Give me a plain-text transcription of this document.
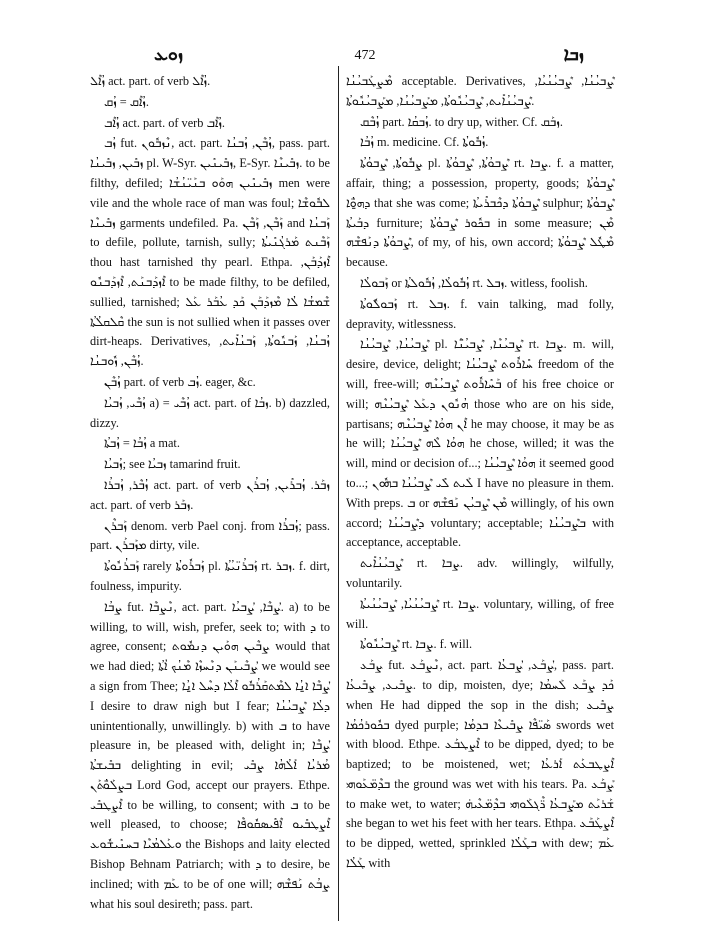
ܙܘܥ	472	ܙܒܐ

ܙܳܐܶܠ act. part. of verb ܙܳܐܶܠ.

ܙܳܐܶܩ = ܙܳܩ.

ܙܳܐܶܒ act. part. of verb ܙܳܐܶܒ.

ܙܳܒ fut. ܢܶܙܒܽܘܢ, act. part. ܙܳܒܶܢ, ܙܳܒܢܳܐ, pass. part. ܙܒܺܝܢ, ܙܒܺܝܢܳܐ pl. W-Syr. ܙܒܺܝܢܺܝܢ, E-Syr. ܙܒܺܝܢܶܐ. to be filthy, defiled; ܙܒܺܝܢܺܝܢ ܗܘܰܘ ܒܢܰܝ̈ܢܳܫܳܐ men were vile and the whole race of man was foul; ܠܒܽܘܫܶܐ ܙܒܺܝܢܶܐ garments undefiled. Pa. ܙܰܒܶܢ, ܙܰܒܶܢ and ܙܰܒܢܳܐ to defile, pollute, tarnish, sully; ܙܰܒܶܢܬ ܡܰܪܓܳܢܺܝܬܳܐ thou hast tarnished thy pearl. Ethpa. ܐܶܙܕܰܒܰܢ, ܐܶܙܕܰܒܢܰܬ, ܐܶܙܕܰܒܢܽܘ to be made filthy, to be defiled, sullied, tarnished; ܫܶܡܫܳܐ ܠܳܐ ܡܶܙܕܰܒܰܢ ܟܰܕ ܥܳܒܰܪ ܥܰܠ ܩܶܠܩܠܳܬܳܐ the sun is not sullied when it passes over dirt-heaps. Derivatives, ܙܳܒܢܳܐ, ܙܰܒܢܽܘܬܳܐ, ܙܰܒܢܳܐܺܝܬ, ܙܳܒܶܢ, ܙܽܘܒܢܳܐ.

ܙܳܒܶܢ part. of verb ܙܳܒ. eager, &c.

ܙܳܒܶܝ, ܙܳܒܝܳܐ a) = ܙܳܒܶܝ act. part. of ܙܒܳܐ. b) dazzled, dizzy.

ܙܳܒܳܐ = ܙܳܒܬܳܐ a mat.

ܙܳܒܝܳܐ; see ܙܒܝܳܐ tamarind fruit.

ܙܳܒܶܪ, ܙܳܒܪܳܐ act. part. of verb ܙܒܰܪ. ܙܳܒܪܺܝܢ, ܙܳܒܪܳܢ act. part. of verb ܙܒܰܪ.

ܙܰܒܪܶܢ denom. verb Pael conj. from ܙܳܒܪܳܐ; pass. part. ܡܙܰܒܪܰܢ dirty, vile.

ܙܰܒܪܳܢܽܘܬܳܐ rarely ܙܰܒܪܽܘܬܳܐ pl. ܙܰܒܪܳܢ̈ܝܳܬܳܐ rt. ܙܒܪ. f. dirt, foulness, impurity.

ܨܒܳܐ fut. ܢܶܨܒܶܐ, act. part. ܨܳܒܶܐ, ܨܳܒܝܳܐ. a) to be willing, to will, wish, prefer, seek to; with ܕ to agree, consent; ܨܒܶܝܢ ܗܘܰܝܢ ܕܢܡܽܘܬ would that we had died; ܨܳܒܶܝܢܰܢ ܕܢܶܚܙܶܐ ܡܶܢܳܟ ܐܳܬܳܐ we would see a sign from Thee; ܨܳܒܶܐ ܐ̱ܢܳܐ ܠܡܶܬܩܰܪܳܒܽܘ ܐܶܠܳܐ ܕܚܶܠ ܐ̱ܢܳܐ I desire to draw nigh but I fear; ܕܠܳܐ ܨܶܒܝܳܢܳܐ unintentionally, unwillingly. b) with ܒ to have pleasure in, be pleased with, delight in; ܨܳܒܶܐ ܒܒܺܝܫܬܳܐ delighting in evil; ܡܳܪܝܳܐ ܐܰܠܳܗܳܐ ܨܒܺܝ ܒܨܠܰܘ̈ܳܬܰܢ Lord God, accept our prayers. Ethpe. ܐܶܨܛܒܺܝ to be willing, to consent; with ܒ to be well pleased, to choose; ܐܶܨܛܒܺܝܘ ܐܶܦܺܝܣܩܽܘܦܶܐ ܘܥܰܠܡܳܝܶܐ ܒܚܢܺܝܫܽܘܥ the Bishops and laity elected Bishop Behnam Patriarch; with ܕ to desire, be inclined; with ܥܰܡ to be of one will; ܨܒܳܬ ܢܰܦܫܶܗ what his soul desireth; pass. part.

ܡܶܨܛܰܒܝܳܢܳܐ acceptable. Derivatives, ܨܶܒܝܳܢܳܐ, ܨܶܒܝܳܢܳܝܳܐ, ܨܶܒܝܳܢܳܐܺܝܬ, ܨܶܒܝܳܢܽܘܬܳܐ, ܡܨܰܒܝܳܢܳܐ, ܡܨܰܒܝܳܢܽܘܬܳܐ.

ܙܳܒܶܩ part. ܙܳܒܩܳܐ. to dry up, wither. Cf. ܙܒܰܩ.

ܙܳܒܳܐ m. medicine. Cf. ܙܳܒܽܘܬܳܐ.

ܨܒܽܘܬܳܐ, ܨܶܒܘܳܬܳܐ pl. ܨܶܒܘܳܬܳܐ, ܨܶܒܘܳܬܳܐ rt. ܨܒܐ. f. a matter, affair, thing; a possession, property, goods; ܨܶܒܘܳܬܳܐ ܕܗ̱ܘ̈ܳܐ that she was come; ܨܶܒܘܳܬܳܐ ܕܟܶܒܪܺܝܬܳܐ sulphur; ܨܶܒܘܳܬܳܐ ܕܒܰܝܬܳܐ furniture; ܒܟܽܘܪ ܨܶܒܘܳܬܳܐ in some measure; ܡܶܢ ܨܶܒܘܳܬܳܐ ܕܢܰܦܫܶܗ, of my, of his, own accord; ܡܶܛܽܠ ܨܶܒܘܳܬܳܐ because.

ܙܰܒܘܠܳܐ or ܙܳܒܽܘܠܳܐ, ܙܳܒܽܘܠܬܳܐ rt. ܙܒܠ. witless, foolish.

ܙܰܒܘܠܽܘܬܳܐ rt. ܙܒܠ. f. vain talking, mad folly, depravity, witlessness.

ܨܶܒܝܳܢܳܐ, ܨܶܒܝܳܢܳܐ pl. ܨܶܒܝܳܢܶܐ, ܨܶܒܝܳܢ̈ܶܐ rt. ܨܒܐ. m. will, desire, device, delight; ܚܺܐܪܽܘܬ ܨܶܒܝܳܢܳܐ freedom of the will, free-will; ܒܰܚܺܐܪܽܘܬ ܨܶܒܝܳܢܶܗ of his free choice or will; ܗܳܢܽܘܢ ܕܥܰܠ ܨܶܒܝܳܢܶܗ those who are on his side, partisans; ܐܶܢ ܗܘܳܐ ܨܶܒܝܳܢܶܗ he may choose, it may be as he will; ܗܘܳܐ ܠܶܗ ܨܶܒܝܳܢܳܐ he chose, willed; it was the will, mind or decision of...; ܗܘܳܐ ܨܶܒܝܳܢܳܐ it seemed good to...; ܠܰܝܬ ܠܺܝ ܨܶܒܝܳܢܳܐ ܒܗܽܘܢ I have no pleasure in them. With preps. ܒ or ܡܶܢ ܨܶܒܝܳܢ ܢܰܦܫܶܗ willingly, of his own accord; ܕܨܶܒܝܳܢܳܐ voluntary; acceptable; ܒܨܶܒܝܳܢܳܐ with acceptance, acceptable.

ܨܶܒܝܳܢܳܐܺܝܬ rt. ܨܒܐ. adv. willingly, wilfully, voluntarily.

ܨܶܒܝܳܢܳܝܳܐ, ܨܶܒܝܳܢܳܝܬܳܐ rt. ܨܒܐ. voluntary, willing, of free will.

ܨܶܒܝܳܢܽܘܬܳܐ rt. ܨܒܐ. f. will.

ܨܒܰܥ fut. ܢܶܨܒܰܥ, act. part. ܨܳܒܰܥ, ܨܳܒܥܳܐ, pass. part. ܨܒܺܝܥ, ܨܒܺܝܥܳܐ. to dip, moisten, dye; ܟܰܕ ܨܒܰܥ ܠܰܚܡܳܐ when He had dipped the sop in the dish; ܨܒܺܝܥ ܒܟܽܘܪܟܳܡܳܐ dyed purple; ܣܰܝ̈ܦܶܐ ܨܒܺܝܥܶܐ ܒܕܡܳܐ swords wet with blood. Ethpe. ܐܶܨܛܒܰܥ to be dipped, dyed; to be baptized; to be moistened, wet; ܐܶܨܛܒܥܰܬ ܐܰܪܥܳܐ ܒܕܶܡ̈ܥܰܘܗܝ the ground was wet with his tears. Pa. ܨܰܒܰܥ to make wet, to water; ܫܰܪܝܰܬ ܡܨܰܒܥܳܐ ܪ̈ܶܓܠܰܘܗܝ ܒܕܶܡ̈ܥܶܝܗ̇ she began to wet his feet with her tears. Ethpa. ܐܶܨܛܰܒܰܥ to be dipped, wetted, sprinkled ܒܛܰܠܳܐ with dew; ܥܰܡ ܛܰܠܳܐ with
